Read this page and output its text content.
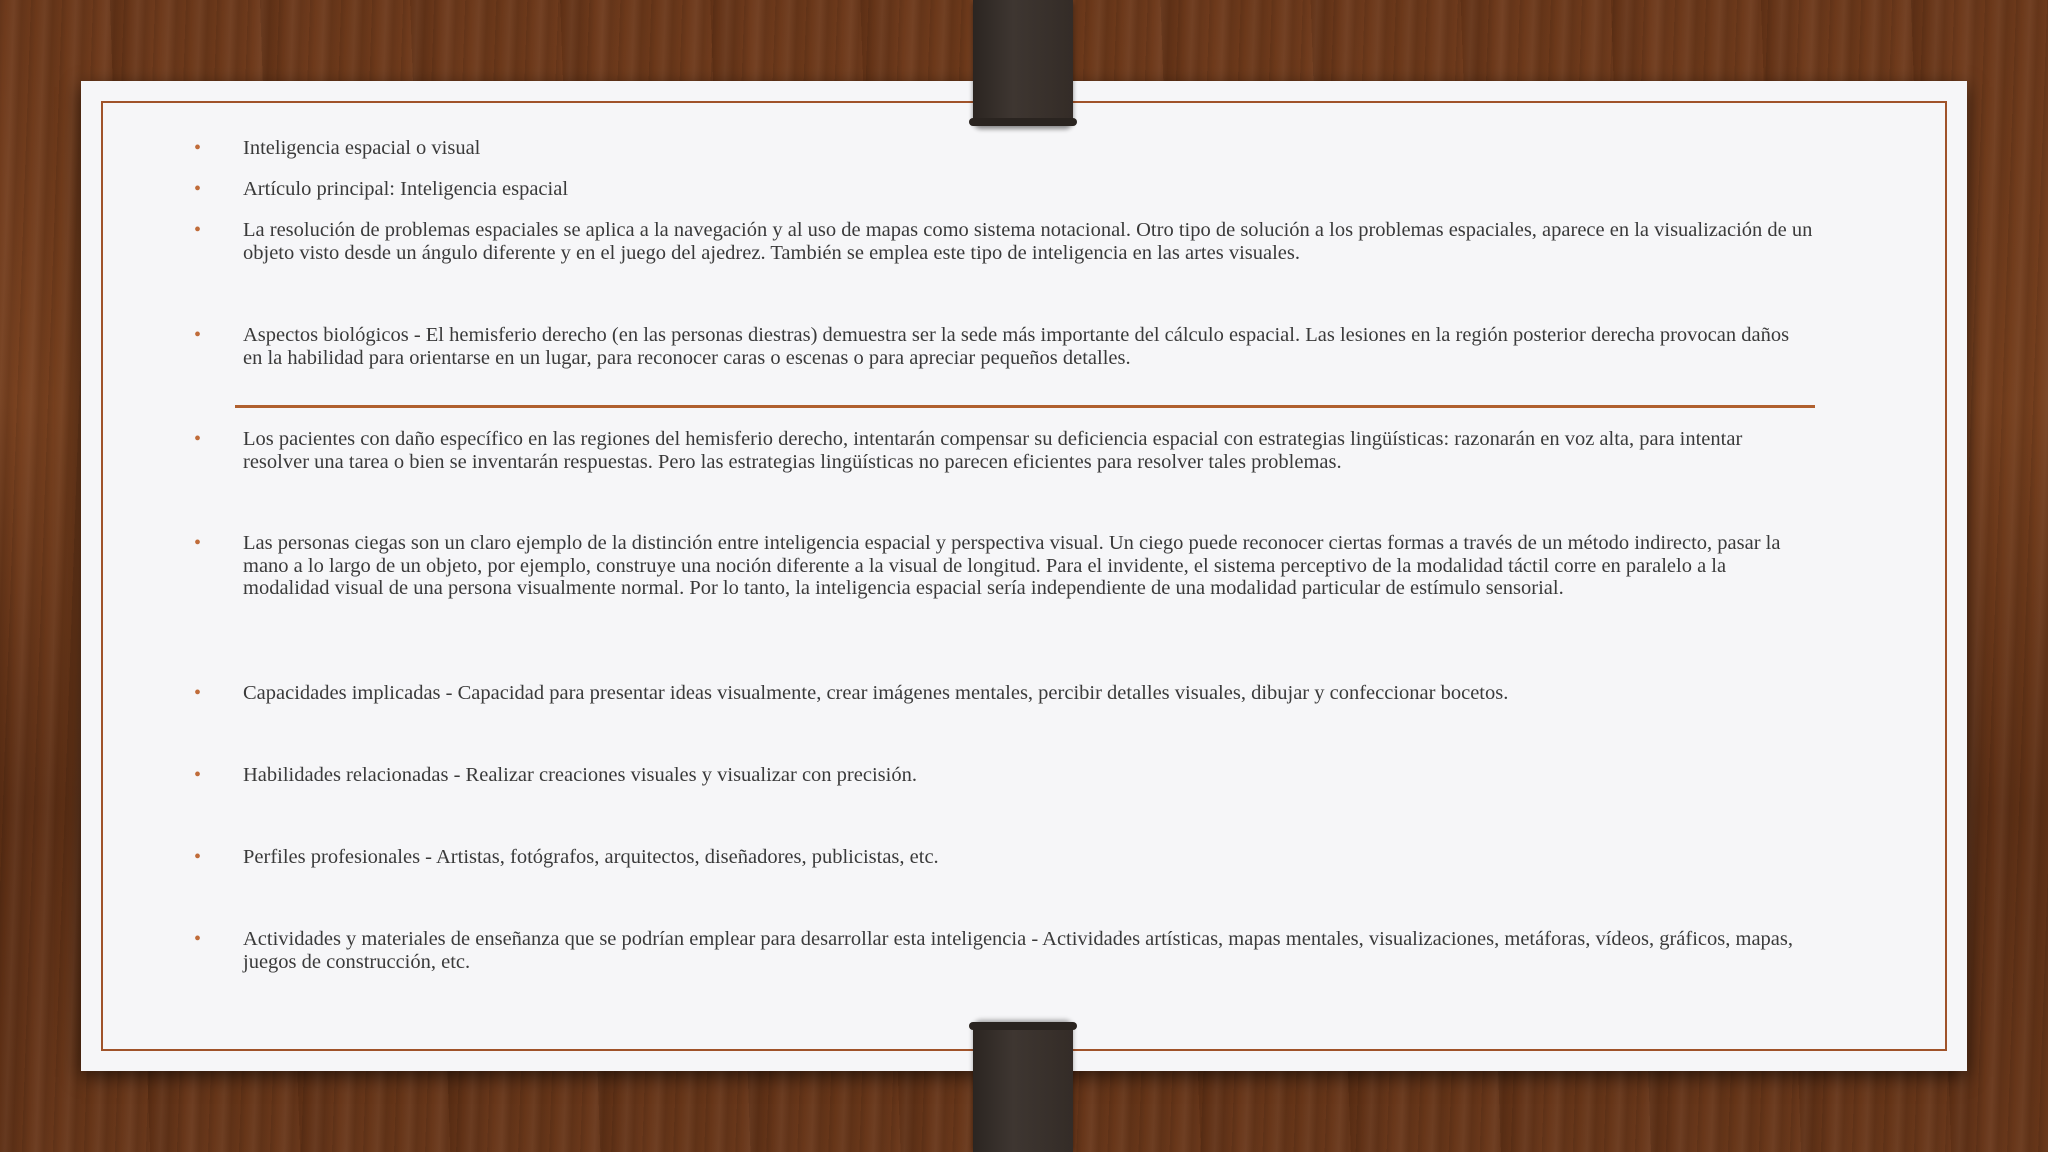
•
•
•
•
•
•
•
•
•
•
Inteligencia espacial o visual
Artículo principal: Inteligencia espacial
La resolución de problemas espaciales se aplica a la navegación y al uso de mapas como sistema notacional. Otro tipo de solución a los problemas espaciales, aparece en la visualización de un objeto visto desde un ángulo diferente y en el juego del ajedrez. También se emplea este tipo de inteligencia en las artes visuales.
Aspectos biológicos - El hemisferio derecho (en las personas diestras) demuestra ser la sede más importante del cálculo espacial. Las lesiones en la región posterior derecha provocan daños en la habilidad para orientarse en un lugar, para reconocer caras o escenas o para apreciar pequeños detalles.
Los pacientes con daño específico en las regiones del hemisferio derecho, intentarán compensar su deficiencia espacial con estrategias lingüísticas: razonarán en voz alta, para intentar resolver una tarea o bien se inventarán respuestas. Pero las estrategias lingüísticas no parecen eficientes para resolver tales problemas.
Las personas ciegas son un claro ejemplo de la distinción entre inteligencia espacial y perspectiva visual. Un ciego puede reconocer ciertas formas a través de un método indirecto, pasar la mano a lo largo de un objeto, por ejemplo, construye una noción diferente a la visual de longitud. Para el invidente, el sistema perceptivo de la modalidad táctil corre en paralelo a la modalidad visual de una persona visualmente normal. Por lo tanto, la inteligencia espacial sería independiente de una modalidad particular de estímulo sensorial.
Capacidades implicadas - Capacidad para presentar ideas visualmente, crear imágenes mentales, percibir detalles visuales, dibujar y confeccionar bocetos.
Habilidades relacionadas - Realizar creaciones visuales y visualizar con precisión.
Perfiles profesionales - Artistas, fotógrafos, arquitectos, diseñadores, publicistas, etc.
Actividades y materiales de enseñanza que se podrían emplear para desarrollar esta inteligencia - Actividades artísticas, mapas mentales, visualizaciones, metáforas, vídeos, gráficos, mapas, juegos de construcción, etc.
